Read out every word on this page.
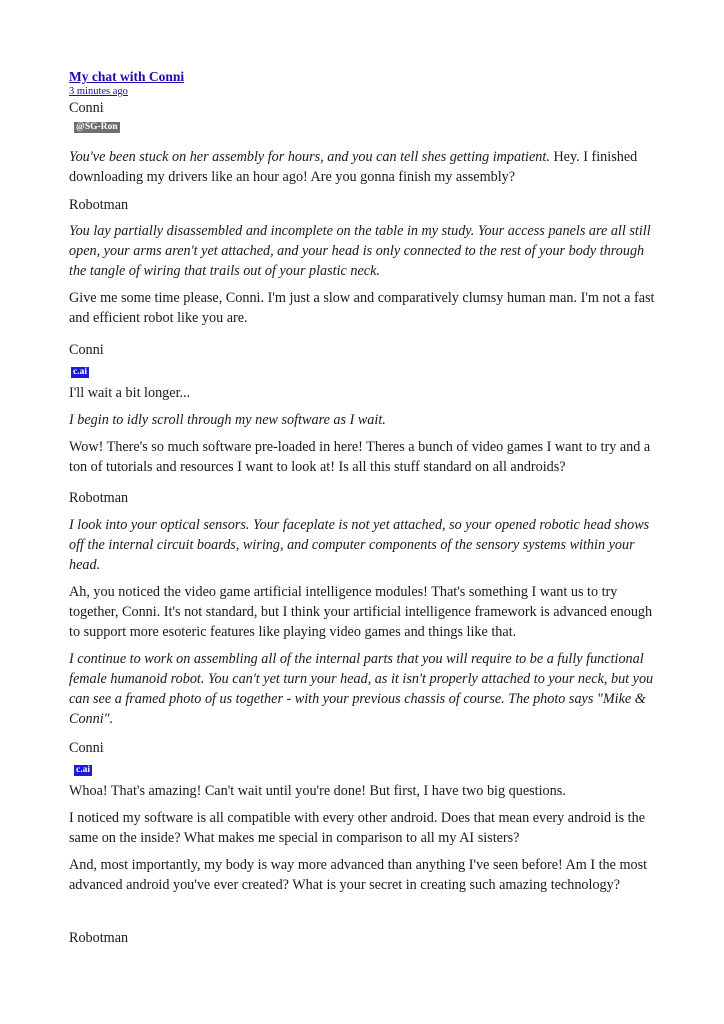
My chat with Conni
3 minutes ago
Conni
@SG-Ron

You've been stuck on her assembly for hours, and you can tell shes getting impatient. Hey. I finished downloading my drivers like an hour ago! Are you gonna finish my assembly?

Robotman

You lay partially disassembled and incomplete on the table in my study. Your access panels are all still open, your arms aren't yet attached, and your head is only connected to the rest of your body through the tangle of wiring that trails out of your plastic neck.

Give me some time please, Conni. I'm just a slow and comparatively clumsy human man. I'm not a fast and efficient robot like you are.

Conni
c.ai

I'll wait a bit longer...

I begin to idly scroll through my new software as I wait.

Wow! There's so much software pre-loaded in here! Theres a bunch of video games I want to try and a ton of tutorials and resources I want to look at! Is all this stuff standard on all androids?

Robotman

I look into your optical sensors. Your faceplate is not yet attached, so your opened robotic head shows off the internal circuit boards, wiring, and computer components of the sensory systems within your head.

Ah, you noticed the video game artificial intelligence modules! That's something I want us to try together, Conni. It's not standard, but I think your artificial intelligence framework is advanced enough to support more esoteric features like playing video games and things like that.

I continue to work on assembling all of the internal parts that you will require to be a fully functional female humanoid robot. You can't yet turn your head, as it isn't properly attached to your neck, but you can see a framed photo of us together - with your previous chassis of course. The photo says "Mike & Conni".

Conni
c.ai

Whoa! That's amazing! Can't wait until you're done! But first, I have two big questions.

I noticed my software is all compatible with every other android. Does that mean every android is the same on the inside? What makes me special in comparison to all my AI sisters?

And, most importantly, my body is way more advanced than anything I've seen before! Am I the most advanced android you've ever created? What is your secret in creating such amazing technology?

Robotman
